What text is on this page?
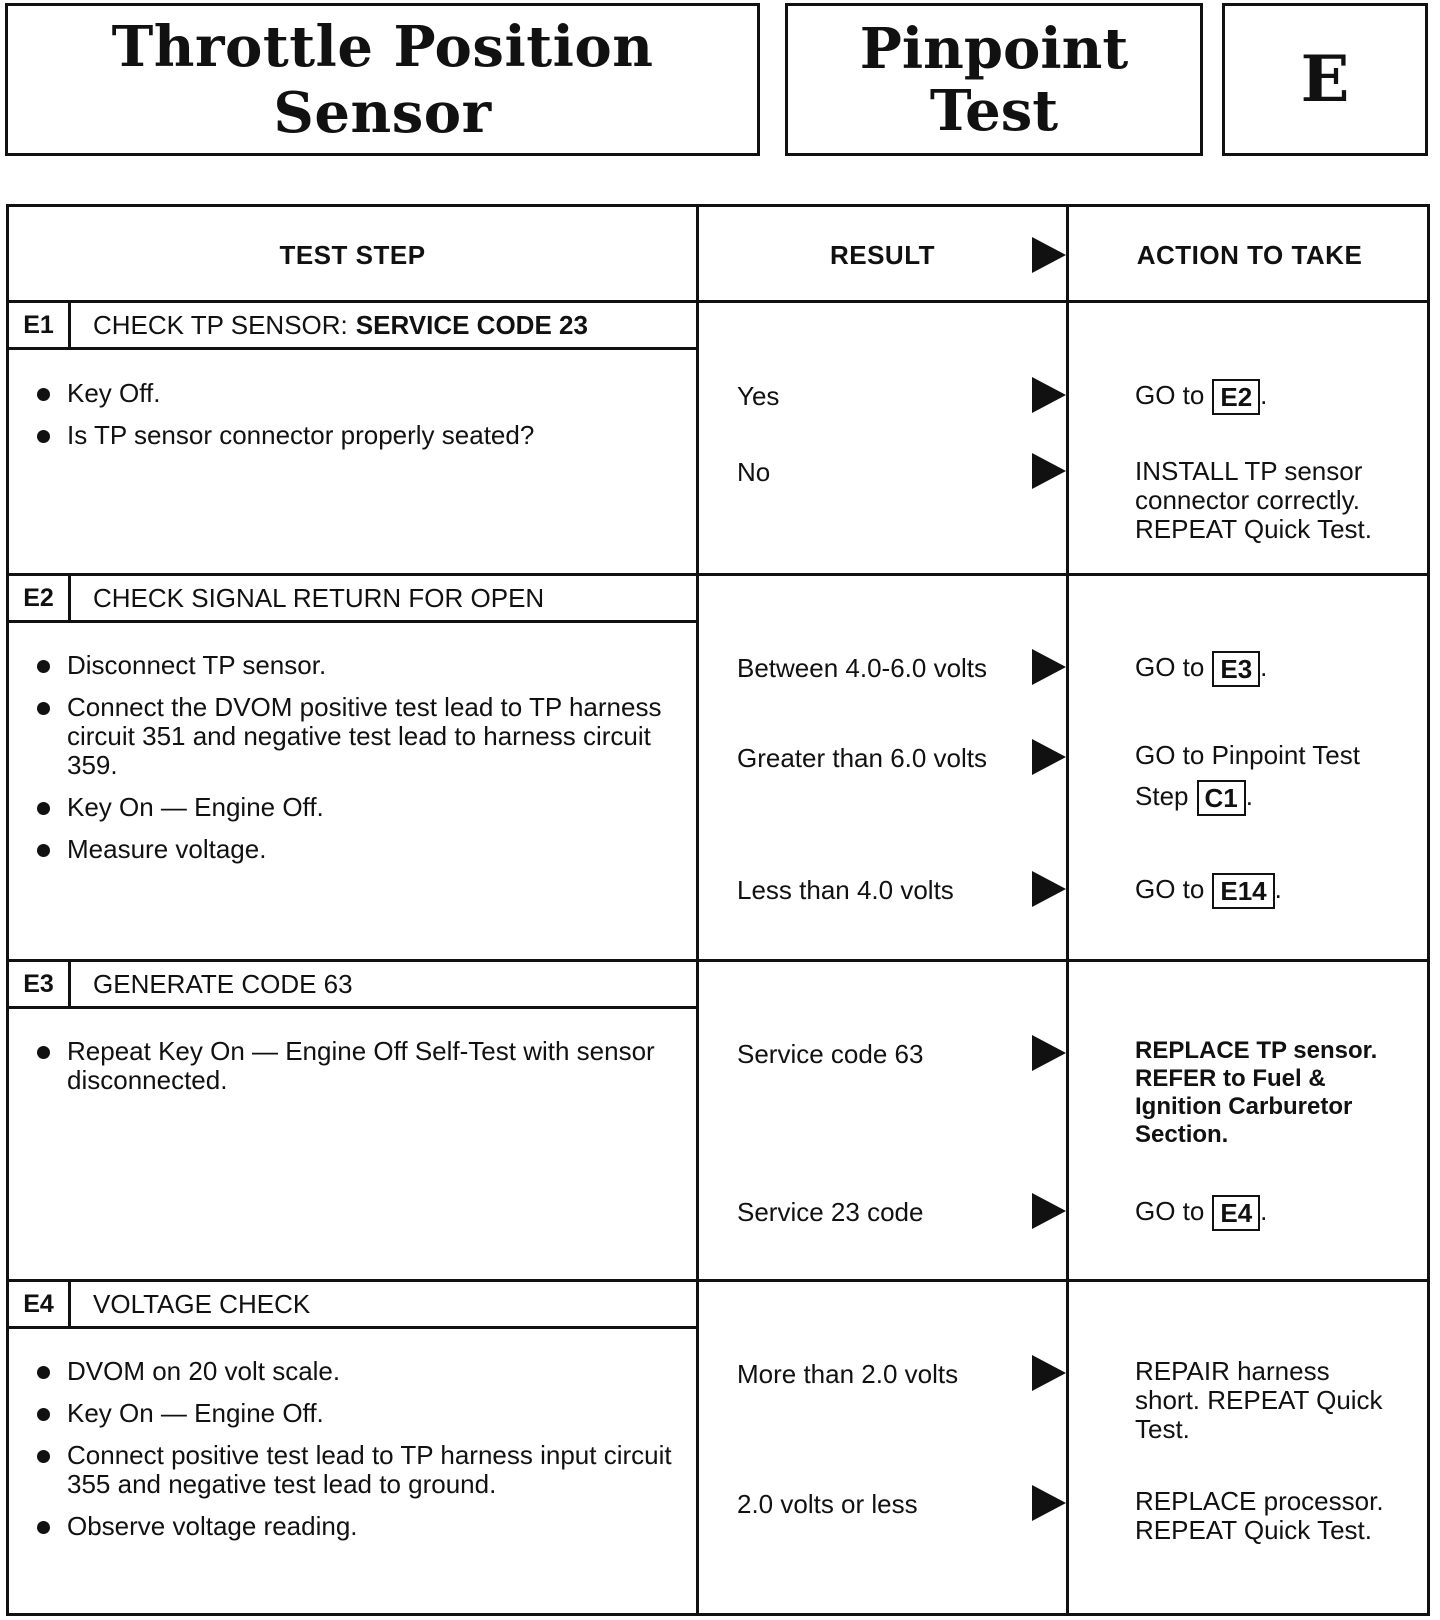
Throttle Position Sensor
Pinpoint
Test	E
TEST STEP	RESULT	ACTION TO TAKE
E1	CHECK TP SENSOR: SERVICE CODE 23
Key Off.
Is TP sensor connector properly seated?
Yes	GO to E2 .
No	INSTALL TP sensor
connector correctly.
REPEAT Quick Test.
E2	CHECK SIGNAL RETURN FOR OPEN
Disconnect TP sensor.
Connect the DVOM positive test lead to TP harness circuit 351 and negative test lead to harness circuit 359.
Key On — Engine Off.
Measure voltage.
Between 4.0-6.0 volts	GO to E3 .
Greater than 6.0 volts	GO to Pinpoint Test
Step C1 .
Less than 4.0 volts	GO to E14 .
E3	GENERATE CODE 63
Repeat Key On — Engine Off Self-Test with sensor disconnected.
Service code 63	REPLACE TP sensor.
REFER to Fuel &
Ignition Carburetor
Section.
Service 23 code	GO to E4 .
E4	VOLTAGE CHECK
DVOM on 20 volt scale.
Key On — Engine Off.
Connect positive test lead to TP harness input circuit 355 and negative test lead to ground.
Observe voltage reading.
More than 2.0 volts	REPAIR harness
short. REPEAT Quick
Test.
2.0 volts or less	REPLACE processor.
REPEAT Quick Test.
